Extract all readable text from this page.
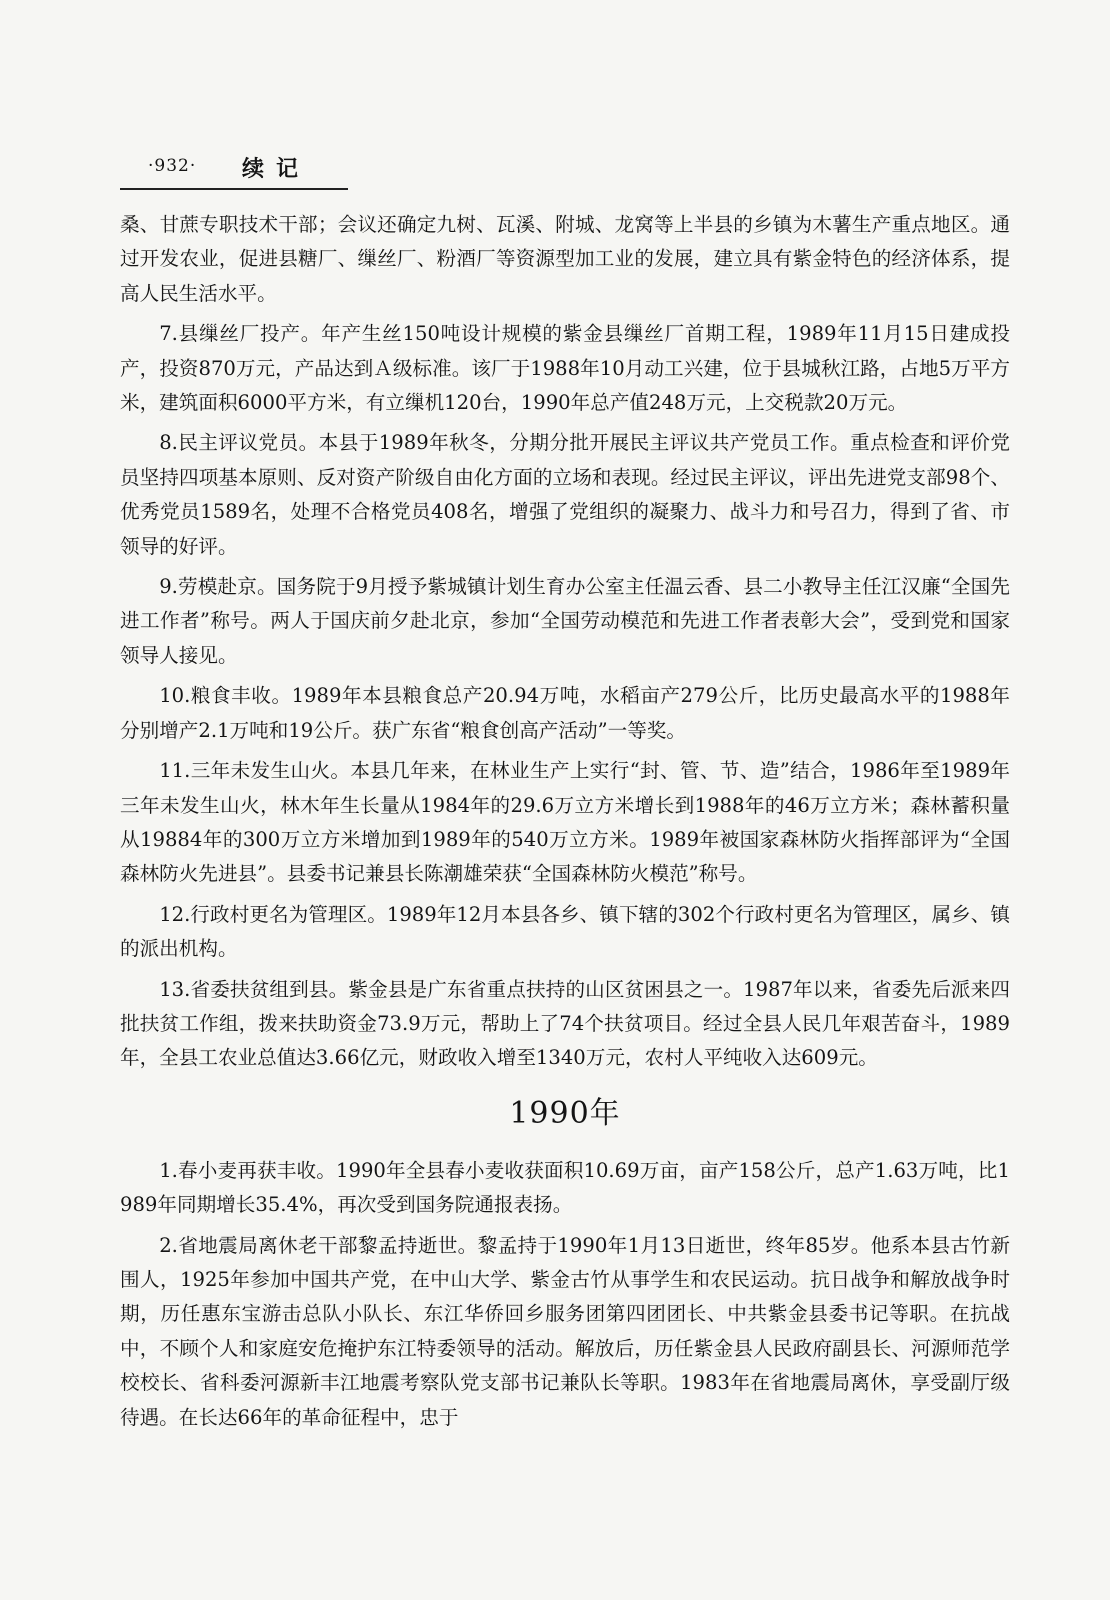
·932· 续记

桑、甘蔗专职技术干部；会议还确定九树、瓦溪、附城、龙窝等上半县的乡镇为木薯生产重点地区。通过开发农业，促进县糖厂、缫丝厂、粉酒厂等资源型加工业的发展，建立具有紫金特色的经济体系，提高人民生活水平。

7.县缫丝厂投产。年产生丝150吨设计规模的紫金县缫丝厂首期工程，1989年11月15日建成投产，投资870万元，产品达到Ａ级标准。该厂于1988年10月动工兴建，位于县城秋江路，占地5万平方米，建筑面积6000平方米，有立缫机120台，1990年总产值248万元，上交税款20万元。

8.民主评议党员。本县于1989年秋冬，分期分批开展民主评议共产党员工作。重点检查和评价党员坚持四项基本原则、反对资产阶级自由化方面的立场和表现。经过民主评议，评出先进党支部98个、优秀党员1589名，处理不合格党员408名，增强了党组织的凝聚力、战斗力和号召力，得到了省、市领导的好评。

9.劳模赴京。国务院于9月授予紫城镇计划生育办公室主任温云香、县二小教导主任江汉廉“全国先进工作者”称号。两人于国庆前夕赴北京，参加“全国劳动模范和先进工作者表彰大会”，受到党和国家领导人接见。

10.粮食丰收。1989年本县粮食总产20.94万吨，水稻亩产279公斤，比历史最高水平的1988年分别增产2.1万吨和19公斤。获广东省“粮食创高产活动”一等奖。

11.三年未发生山火。本县几年来，在林业生产上实行“封、管、节、造”结合，1986年至1989年三年未发生山火，林木年生长量从1984年的29.6万立方米增长到1988年的46万立方米；森林蓄积量从19884年的300万立方米增加到1989年的540万立方米。1989年被国家森林防火指挥部评为“全国森林防火先进县”。县委书记兼县长陈潮雄荣获“全国森林防火模范”称号。

12.行政村更名为管理区。1989年12月本县各乡、镇下辖的302个行政村更名为管理区，属乡、镇的派出机构。

13.省委扶贫组到县。紫金县是广东省重点扶持的山区贫困县之一。1987年以来，省委先后派来四批扶贫工作组，拨来扶助资金73.9万元，帮助上了74个扶贫项目。经过全县人民几年艰苦奋斗，1989年，全县工农业总值达3.66亿元，财政收入增至1340万元，农村人平纯收入达609元。

1990年

1.春小麦再获丰收。1990年全县春小麦收获面积10.69万亩，亩产158公斤，总产1.63万吨，比1989年同期增长35.4%，再次受到国务院通报表扬。

2.省地震局离休老干部黎孟持逝世。黎孟持于1990年1月13日逝世，终年85岁。他系本县古竹新围人，1925年参加中国共产党，在中山大学、紫金古竹从事学生和农民运动。抗日战争和解放战争时期，历任惠东宝游击总队小队长、东江华侨回乡服务团第四团团长、中共紫金县委书记等职。在抗战中，不顾个人和家庭安危掩护东江特委领导的活动。解放后，历任紫金县人民政府副县长、河源师范学校校长、省科委河源新丰江地震考察队党支部书记兼队长等职。1983年在省地震局离休，享受副厅级待遇。在长达66年的革命征程中，忠于
